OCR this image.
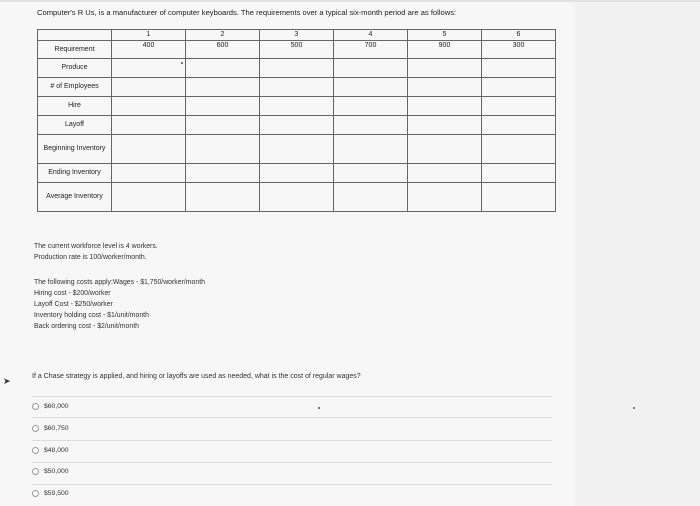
Computer's R Us, is a manufacturer of computer keyboards. The requirements over a typical six-month period are as follows:
	1	2	3	4	5	6
Requirement	400	600	500	700	900	300
Produce						
# of Employees						
Hire						
Layoff						
Beginning Inventory						
Ending Inventory						
Average Inventory						
The current workforce level is 4 workers.
Production rate is 100/worker/month.
The following costs apply:Wages - $1,750/worker/month
Hiring cost - $200/worker
Layoff Cost - $250/worker
Inventory holding cost - $1/unit/month
Back ordering cost - $2/unit/month
If a Chase strategy is applied, and hiring or layoffs are used as needed, what is the cost of regular wages?
$60,000
$60,750
$48,000
$50,000
$59,500
➤
